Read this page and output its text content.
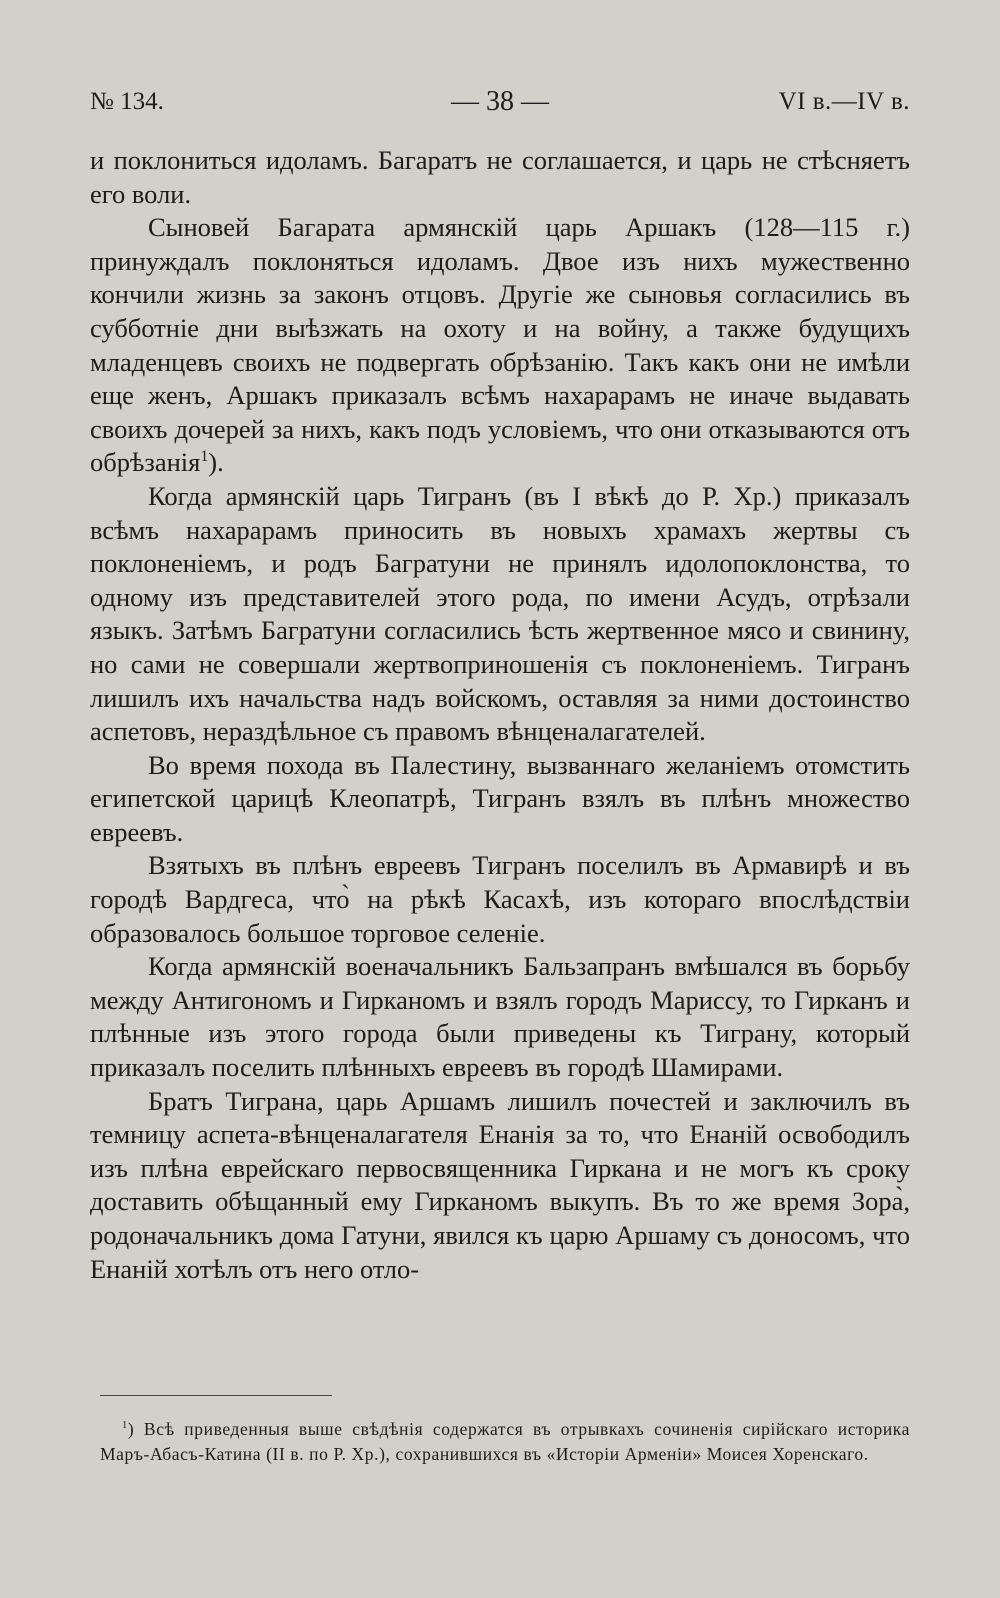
№ 134.	— 38 —	VI в.—IV в.

и поклониться идоламъ. Багаратъ не соглашается, и царь не стѣсняетъ его воли.

Сыновей Багарата армянскій царь Аршакъ (128—115 г.) принуждалъ поклоняться идоламъ. Двое изъ нихъ мужественно кончили жизнь за законъ отцовъ. Другіе же сыновья согласились въ субботніе дни выѣзжать на охоту и на войну, а также будущихъ младенцевъ своихъ не подвергать обрѣзанію. Такъ какъ они не имѣли еще женъ, Аршакъ приказалъ всѣмъ нахарарамъ не иначе выдавать своихъ дочерей за нихъ, какъ подъ условіемъ, что они отказываются отъ обрѣзанія$^1$).

Когда армянскій царь Тигранъ (въ I вѣкѣ до Р. Хр.) приказалъ всѣмъ нахарарамъ приносить въ новыхъ храмахъ жертвы съ поклоненіемъ, и родъ Багратуни не принялъ идолопоклонства, то одному изъ представителей этого рода, по имени Асудъ, отрѣзали языкъ. Затѣмъ Багратуни согласились ѣсть жертвенное мясо и свинину, но сами не совершали жертвоприношенія съ поклоненіемъ. Тигранъ лишилъ ихъ начальства надъ войскомъ, оставляя за ними достоинство аспетовъ, нераздѣльное съ правомъ вѣнценалагателей.

Во время похода въ Палестину, вызваннаго желаніемъ отомстить египетской царицѣ Клеопатрѣ, Тигранъ взялъ въ плѣнъ множество евреевъ.

Взятыхъ въ плѣнъ евреевъ Тигранъ поселилъ въ Армавирѣ и въ городѣ Вардгеса, что̀ на рѣкѣ Касахѣ, изъ котораго впослѣдствіи образовалось большое торговое селеніе.

Когда армянскій военачальникъ Бальзапранъ вмѣшался въ борьбу между Антигономъ и Гирканомъ и взялъ городъ Мариссу, то Гирканъ и плѣнные изъ этого города были приведены къ Тиграну, который приказалъ поселить плѣнныхъ евреевъ въ городѣ Шамирами.

Братъ Тиграна, царь Аршамъ лишилъ почестей и заключилъ въ темницу аспета-вѣнценалагателя Енанія за то, что Енаній освободилъ изъ плѣна еврейскаго первосвященника Гиркана и не могъ къ сроку доставить обѣщанный ему Гирканомъ выкупъ. Въ то же время Зора̀, родоначальникъ дома Гатуни, явился къ царю Аршаму съ доносомъ, что Енаній хотѣлъ отъ него отло-

$^1$) Всѣ приведенныя выше свѣдѣнія содержатся въ отрывкахъ сочиненія сирійскаго историка Маръ-Абасъ-Катина (II в. по Р. Хр.), сохранившихся въ «Исторіи Арменіи» Моисея Хоренскаго.
